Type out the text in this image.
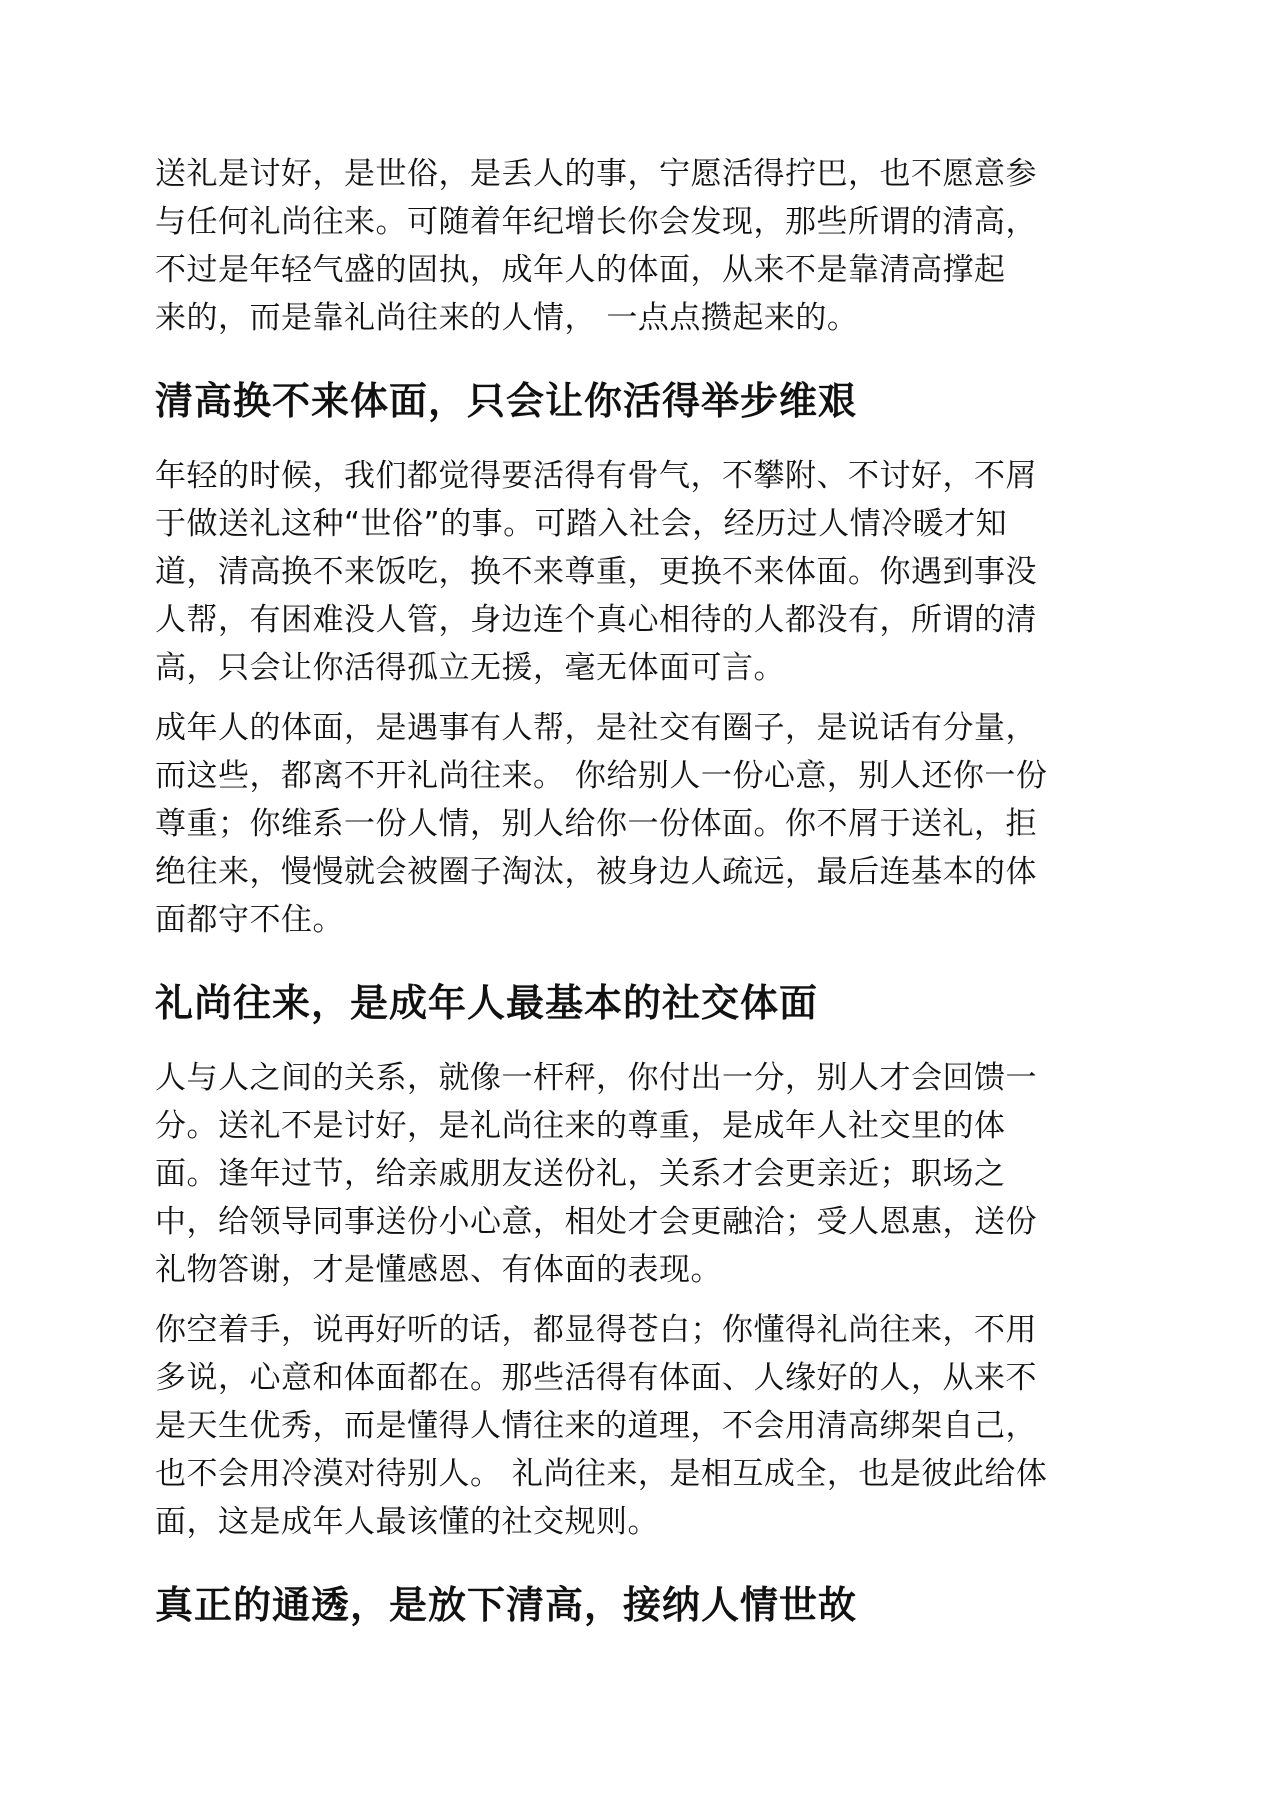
送礼是讨好，是世俗，是丢人的事，宁愿活得拧巴，也不愿意参
与任何礼尚往来。可随着年纪增长你会发现，那些所谓的清高，
不过是年轻气盛的固执，成年人的体面，从来不是靠清高撑起
来的，而是靠礼尚往来的人情， 一点点攒起来的。

清高换不来体面，只会让你活得举步维艰

年轻的时候，我们都觉得要活得有骨气，不攀附、不讨好，不屑
于做送礼这种“世俗”的事。可踏入社会，经历过人情冷暖才知
道，清高换不来饭吃，换不来尊重，更换不来体面。你遇到事没
人帮，有困难没人管，身边连个真心相待的人都没有，所谓的清
高，只会让你活得孤立无援，毫无体面可言。

成年人的体面，是遇事有人帮，是社交有圈子，是说话有分量，
而这些，都离不开礼尚往来。 你给别人一份心意，别人还你一份
尊重；你维系一份人情，别人给你一份体面。你不屑于送礼，拒
绝往来，慢慢就会被圈子淘汰，被身边人疏远，最后连基本的体
面都守不住。

礼尚往来，是成年人最基本的社交体面

人与人之间的关系，就像一杆秤，你付出一分，别人才会回馈一
分。送礼不是讨好，是礼尚往来的尊重，是成年人社交里的体
面。逢年过节，给亲戚朋友送份礼，关系才会更亲近；职场之
中，给领导同事送份小心意，相处才会更融洽；受人恩惠，送份
礼物答谢，才是懂感恩、有体面的表现。

你空着手，说再好听的话，都显得苍白；你懂得礼尚往来，不用
多说，心意和体面都在。那些活得有体面、人缘好的人，从来不
是天生优秀，而是懂得人情往来的道理，不会用清高绑架自己，
也不会用冷漠对待别人。 礼尚往来，是相互成全，也是彼此给体
面，这是成年人最该懂的社交规则。

真正的通透，是放下清高，接纳人情世故
